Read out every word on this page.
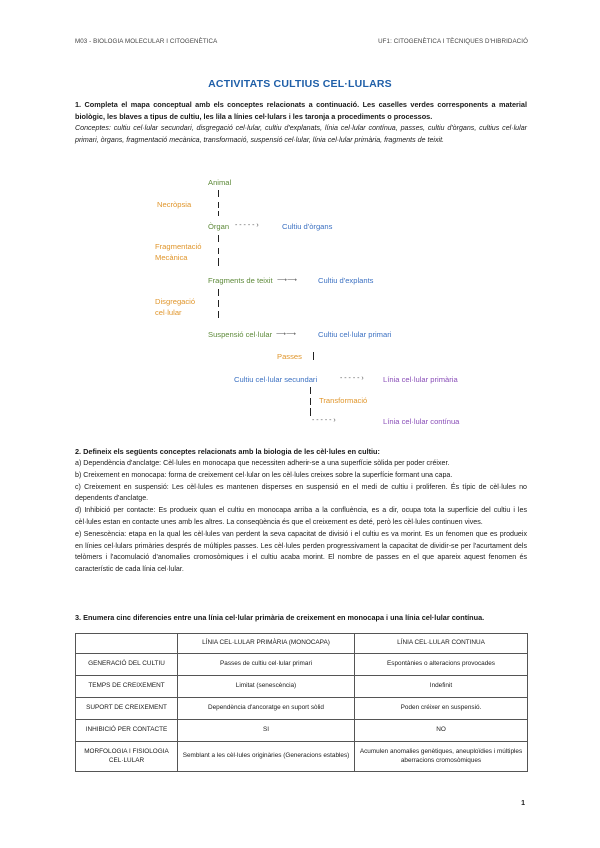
M03 - BIOLOGIA MOLECULAR I CITOGENÈTICA	UF1: CITOGENÈTICA I TÈCNIQUES D'HIBRIDACIÓ
ACTIVITATS CULTIUS CEL·LULARS
1. Completa el mapa conceptual amb els conceptes relacionats a continuació. Les caselles verdes corresponents a material biològic, les blaves a tipus de cultiu, les lila a línies cel·lulars i les taronja a procediments o processos.
Conceptes: cultiu cel·lular secundari, disgregació cel·lular, cultiu d'explanats, línia cel·lular contínua, passes, cultiu d'òrgans, cultius cel·lular primari, òrgans, fragmentació mecànica, transformació, suspensió cel·lular, línia cel·lular primària, fragments de teixit.
Animal
Necròpsia
Òrgan - - - - - ›	Cultiu d'òrgans
Fragmentació
Mecànica
Fragments de teixit ⟶⟶	Cultiu d'explants
Disgregació
cel·lular
Suspensió cel·lular ⟶⟶	Cultiu cel·lular primari
Passes
Cultiu cel·lular secundari	- - - - - ›	Línia cel·lular primària
Transformació
- - - - - ›	Línia cel·lular contínua
2. Defineix els següents conceptes relacionats amb la biologia de les cèl·lules en cultiu:

a) Dependència d'anclatge: Cèl·lules en monocapa que necessiten adherir-se a una superfície sòlida per poder créixer.

b) Creixement en monocapa: forma de creixement cel·lular on les cèl·lules creixes sobre la superfície formant una capa.

c) Creixement en suspensió: Les cèl·lules es mantenen disperses en suspensió en el medi de cultiu i proliferen. És típic de cèl·lules no dependents d'anclatge.

d) Inhibició per contacte: Es produeix quan el cultiu en monocapa arriba a la confluència, es a dir, ocupa tota la superfície del cultiu i les cèl·lules estan en contacte unes amb les altres. La conseqüència és que el creixement es deté, però les cèl·lules continuen vives.

e) Senescència: etapa en la qual les cèl·lules van perdent la seva capacitat de divisió i el cultiu es va morint. Es un fenomen que es produeix en línies cel·lulars primàries després de múltiples passes. Les cèl·lules perden progressivament la capacitat de dividir-se per l'acurtament dels telòmers i l'acomulació d'anomalies cromosòmiques i el cultiu acaba morint. El nombre de passes en el que apareix aquest fenomen és característic de cada línia cel·lular.

3. Enumera cinc diferencies entre una línia cel·lular primària de creixement en monocapa i una línia cel·lular contínua.
	LÍNIA CEL·LULAR PRIMÀRIA (MONOCAPA)	LÍNIA CEL·LULAR CONTINUA
GENERACIÓ DEL CULTIU	Passes de cultiu cel·lular primari	Espontànies o alteracions provocades
TEMPS DE CREIXEMENT	Limitat (senescència)	Indefinit
SUPORT DE CREIXEMENT	Dependència d'ancoratge en suport sòlid	Poden créixer en suspensió.
INHIBICIÓ PER CONTACTE	SI	NO
MORFOLOGIA I FISIOLOGIA CEL·LULAR	Semblant a les cèl·lules originàries (Generacions estables)	Acumulen anomalies genètiques, aneuploïdies i múltiples aberracions cromosòmiques
1
